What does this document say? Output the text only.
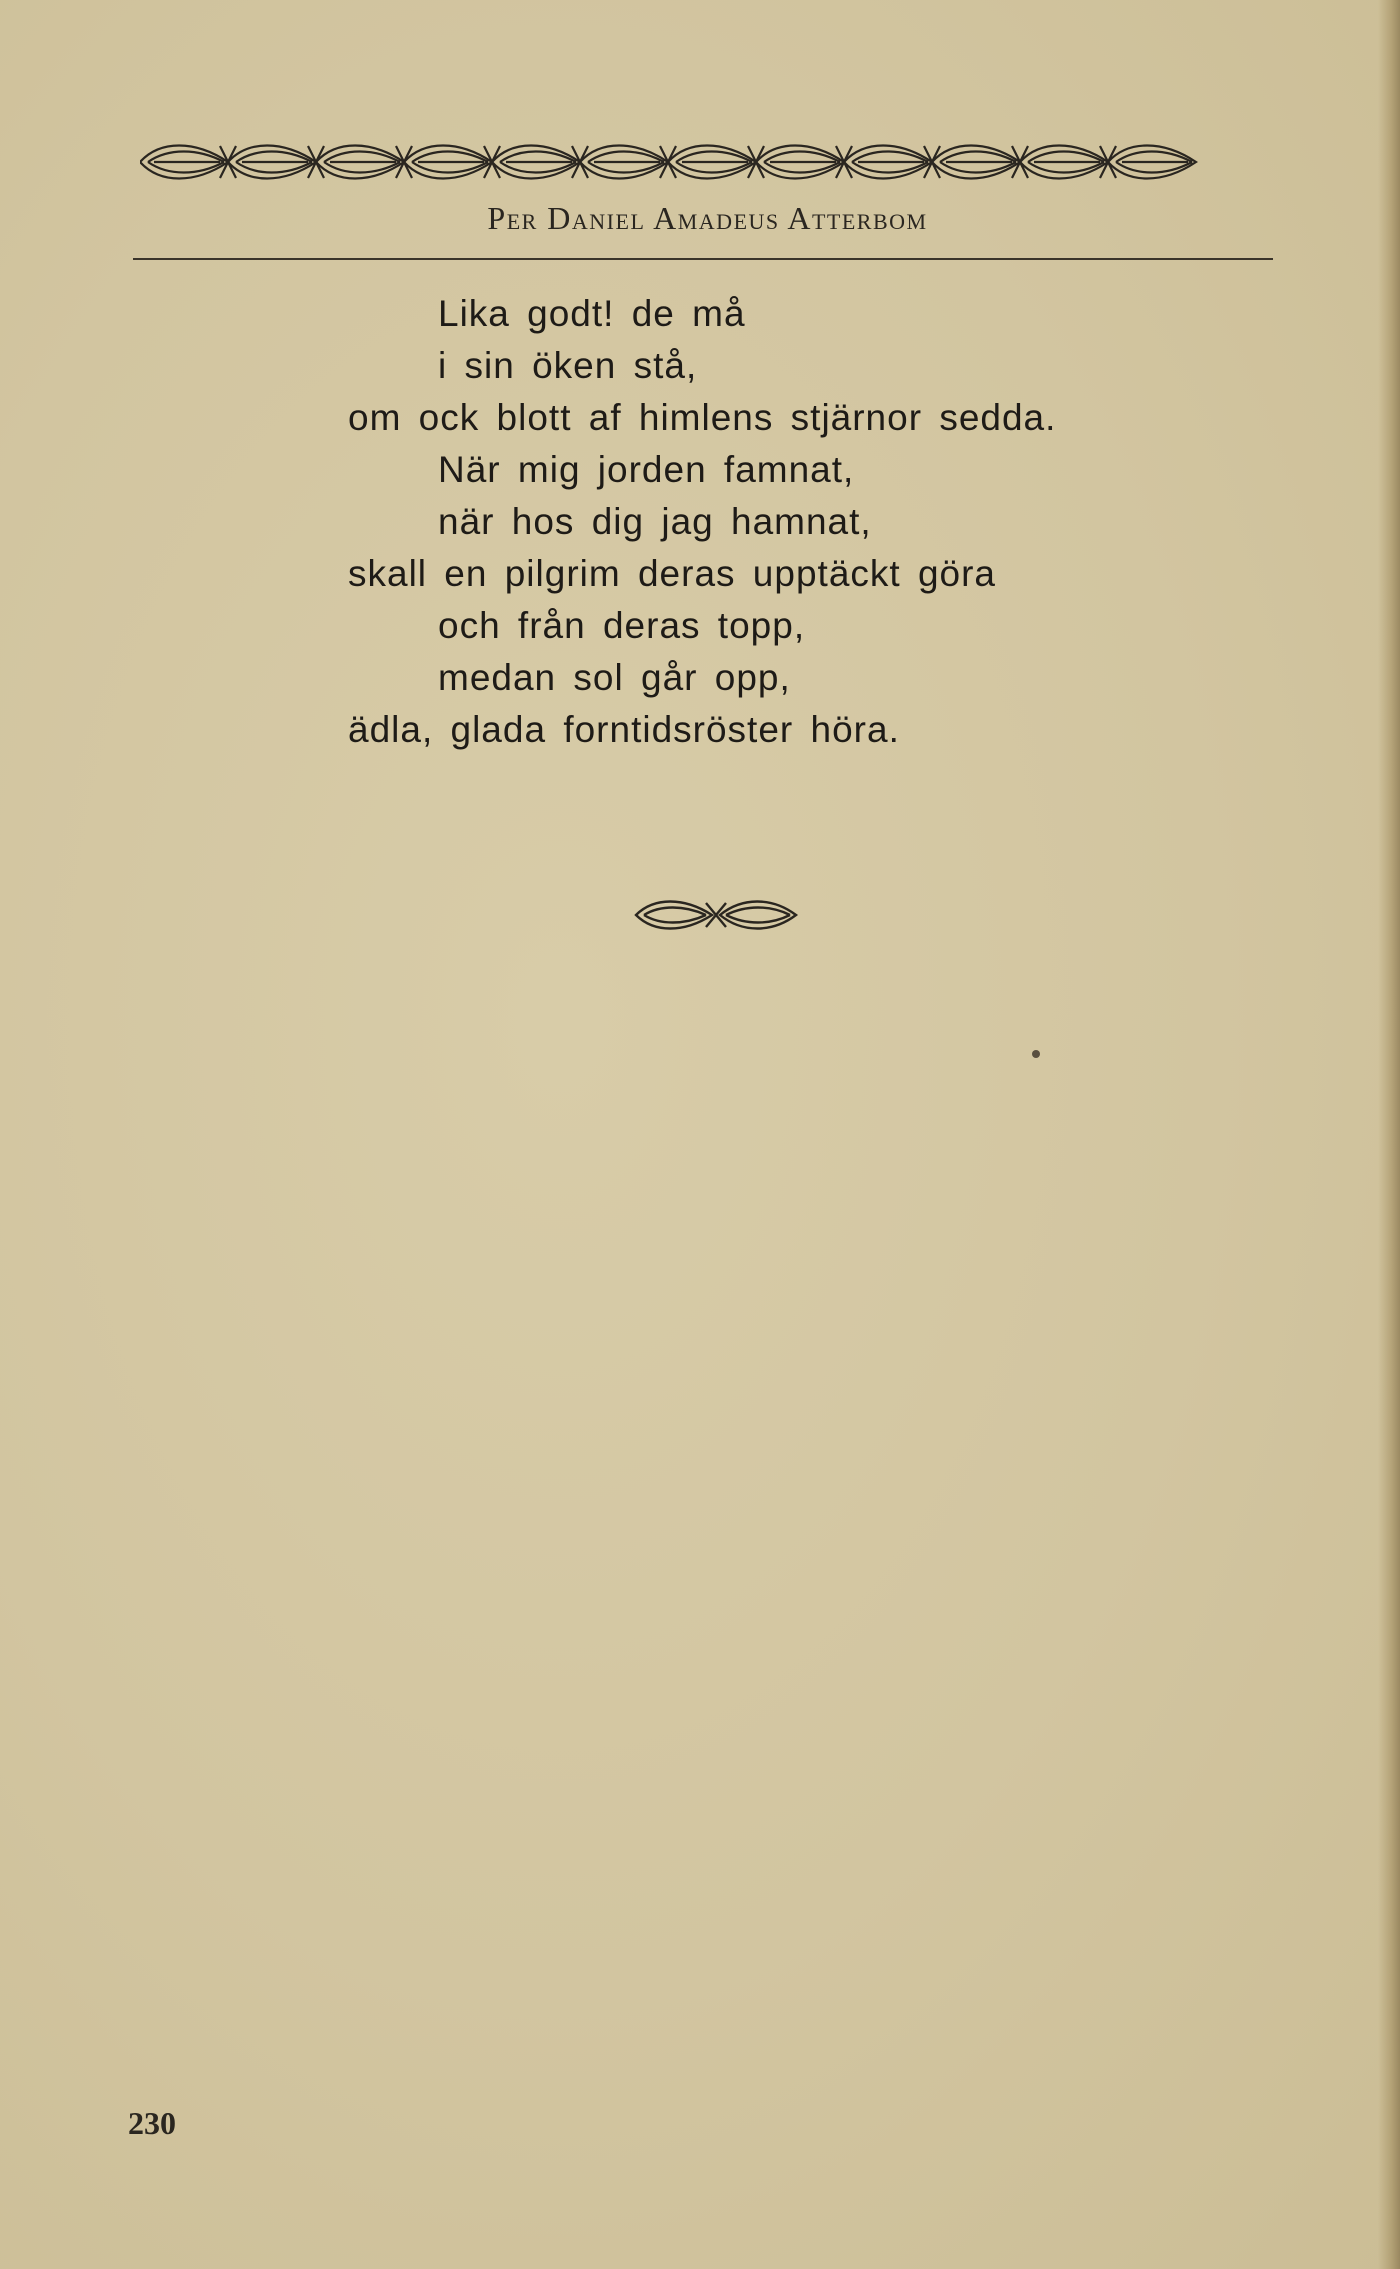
Per Daniel Amadeus Atterbom
Lika godt! de må
i sin öken stå,
om ock blott af himlens stjärnor sedda.
När mig jorden famnat,
när hos dig jag hamnat,
skall en pilgrim deras upptäckt göra
och från deras topp,
medan sol går opp,
ädla, glada forntidsröster höra.
230
